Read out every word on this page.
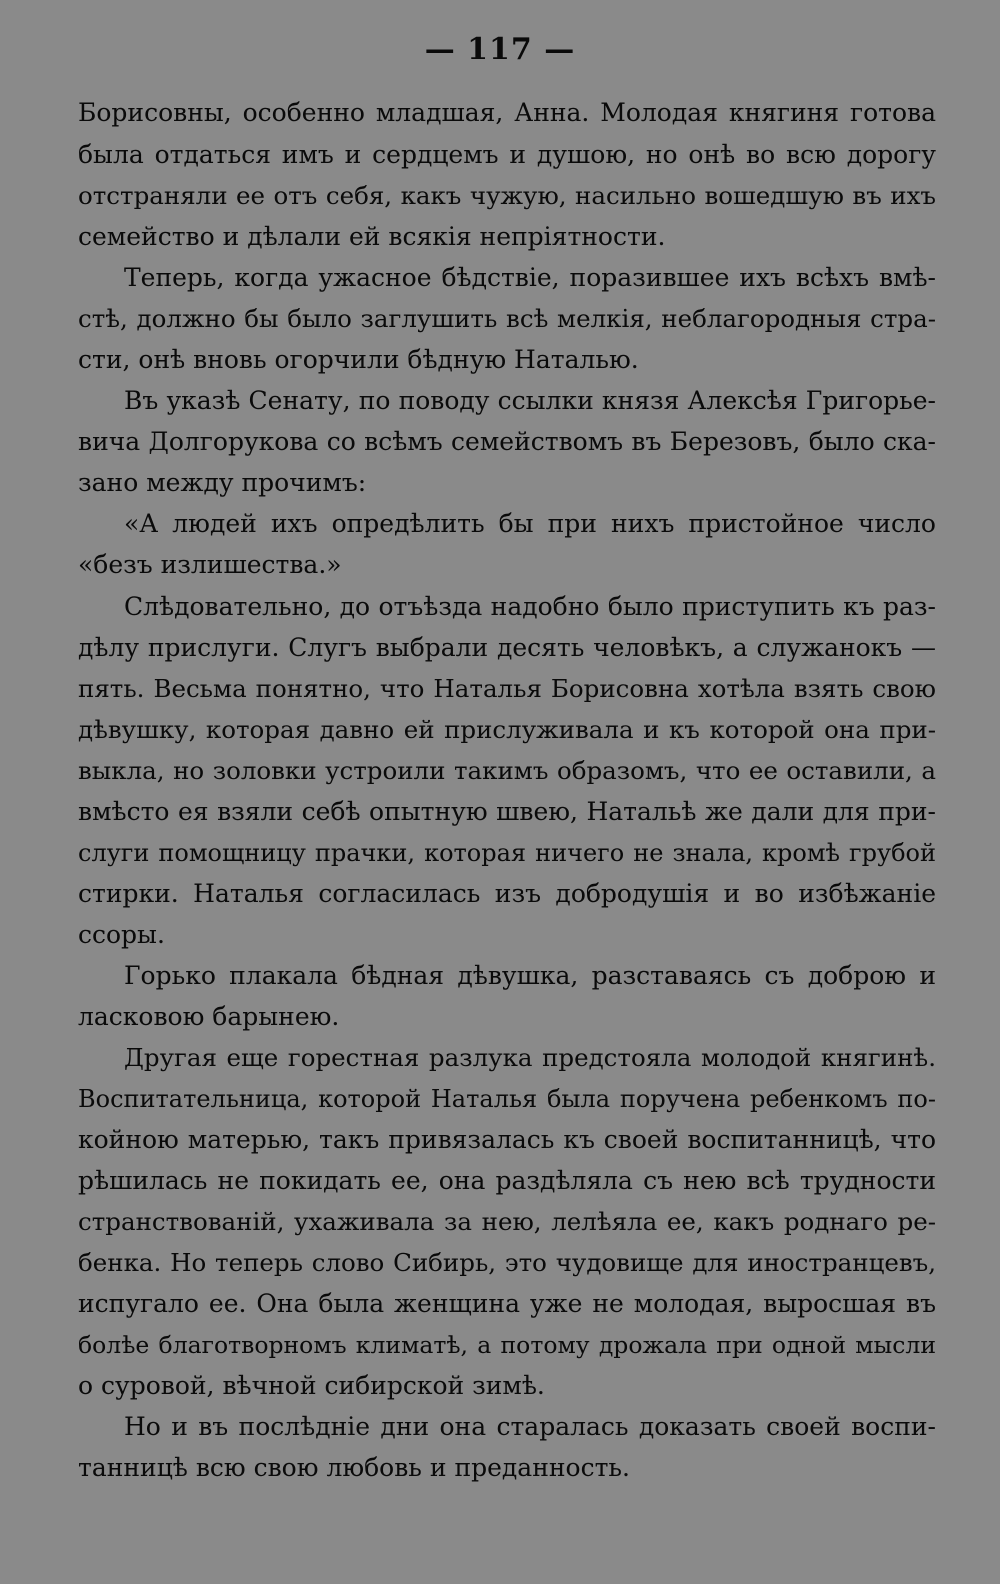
— 117 —
Борисовны, особенно младшая, Анна. Молодая княгиня готова
была отдаться имъ и сердцемъ и душою, но онѣ во всю дорогу
отстраняли ее отъ себя, какъ чужую, насильно вошедшую въ ихъ
семейство и дѣлали ей всякія непріятности.
Теперь, когда ужасное бѣдствіе, поразившее ихъ всѣхъ вмѣ-
стѣ, должно бы было заглушить всѣ мелкія, неблагородныя стра-
сти, онѣ вновь огорчили бѣдную Наталью.
Въ указѣ Сенату, по поводу ссылки князя Алексѣя Григорье-
вича Долгорукова со всѣмъ семействомъ въ Березовъ, было ска-
зано между прочимъ:
«А людей ихъ опредѣлить бы при нихъ пристойное число
«безъ излишества.»
Слѣдовательно, до отъѣзда надобно было приступить къ раз-
дѣлу прислуги. Слугъ выбрали десять человѣкъ, а служанокъ —
пять. Весьма понятно, что Наталья Борисовна хотѣла взять свою
дѣвушку, которая давно ей прислуживала и къ которой она при-
выкла, но золовки устроили такимъ образомъ, что ее оставили, а
вмѣсто ея взяли себѣ опытную швею, Натальѣ же дали для при-
слуги помощницу прачки, которая ничего не знала, кромѣ грубой
стирки. Наталья согласилась изъ добродушія и во избѣжаніе
ссоры.
Горько плакала бѣдная дѣвушка, разставаясь съ доброю и
ласковою барынею.
Другая еще горестная разлука предстояла молодой княгинѣ.
Воспитательница, которой Наталья была поручена ребенкомъ по-
койною матерью, такъ привязалась къ своей воспитанницѣ, что
рѣшилась не покидать ее, она раздѣляла съ нею всѣ трудности
странствованій, ухаживала за нею, лелѣяла ее, какъ роднаго ре-
бенка. Но теперь слово Сибирь, это чудовище для иностранцевъ,
испугало ее. Она была женщина уже не молодая, выросшая въ
болѣе благотворномъ климатѣ, а потому дрожала при одной мысли
о суровой, вѣчной сибирской зимѣ.
Но и въ послѣдніе дни она старалась доказать своей воспи-
танницѣ всю свою любовь и преданность.
